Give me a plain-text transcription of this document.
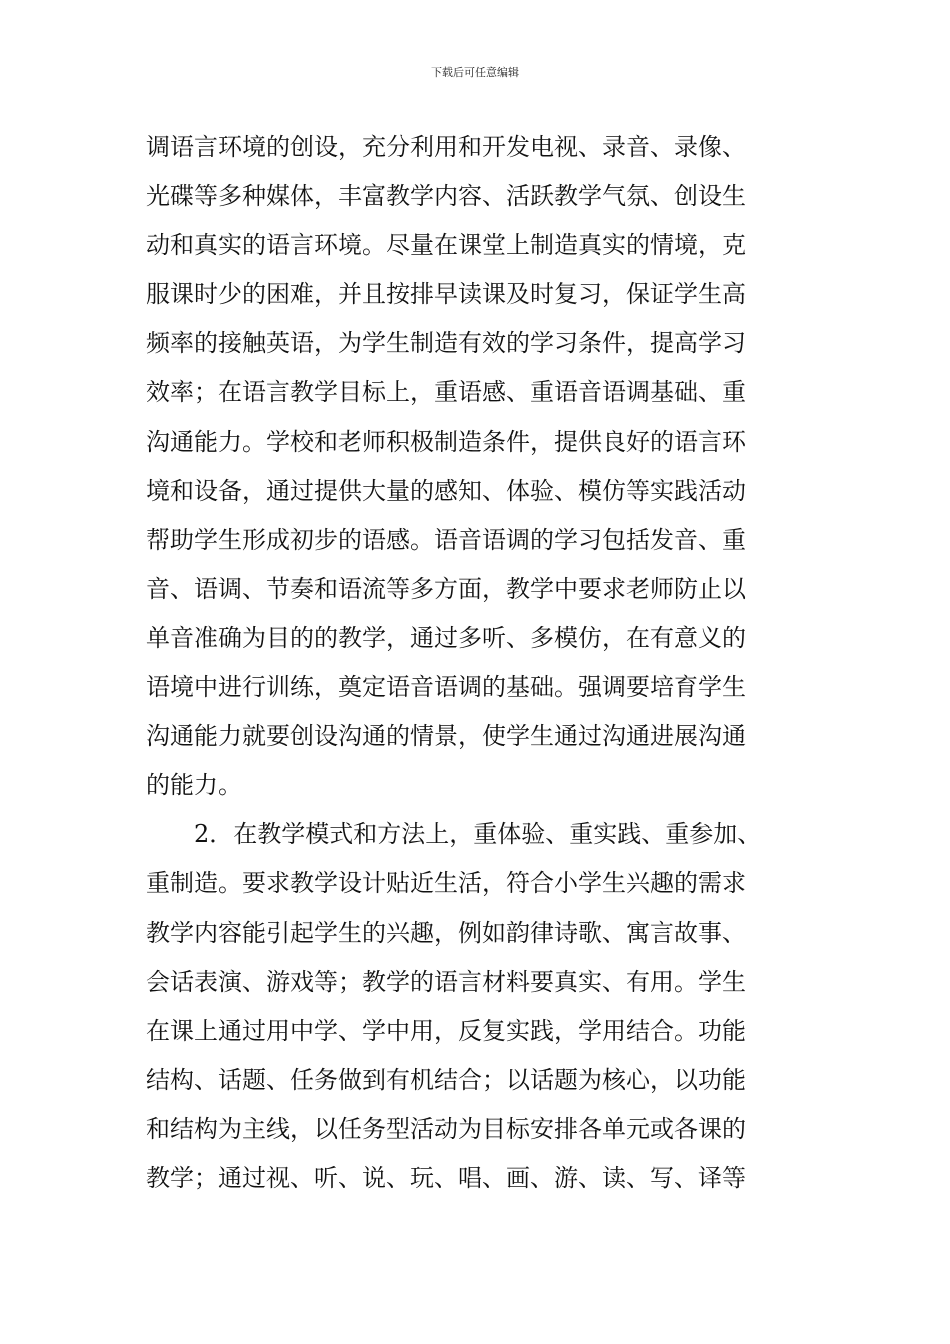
下载后可任意编辑
调语言环境的创设，充分利用和开发电视、录音、录像、
光碟等多种媒体，丰富教学内容、活跃教学气氛、创设生
动和真实的语言环境。尽量在课堂上制造真实的情境，克
服课时少的困难，并且按排早读课及时复习，保证学生高
频率的接触英语，为学生制造有效的学习条件，提高学习
效率；在语言教学目标上，重语感、重语音语调基础、重
沟通能力。学校和老师积极制造条件，提供良好的语言环
境和设备，通过提供大量的感知、体验、模仿等实践活动
帮助学生形成初步的语感。语音语调的学习包括发音、重
音、语调、节奏和语流等多方面，教学中要求老师防止以
单音准确为目的的教学，通过多听、多模仿，在有意义的
语境中进行训练，奠定语音语调的基础。强调要培育学生
沟通能力就要创设沟通的情景，使学生通过沟通进展沟通
的能力。
2．在教学模式和方法上，重体验、重实践、重参加、
重制造。要求教学设计贴近生活，符合小学生兴趣的需求
教学内容能引起学生的兴趣，例如韵律诗歌、寓言故事、
会话表演、游戏等；教学的语言材料要真实、有用。学生
在课上通过用中学、学中用，反复实践，学用结合。功能
结构、话题、任务做到有机结合；以话题为核心，以功能
和结构为主线，以任务型活动为目标安排各单元或各课的
教学；通过视、听、说、玩、唱、画、游、读、写、译等
